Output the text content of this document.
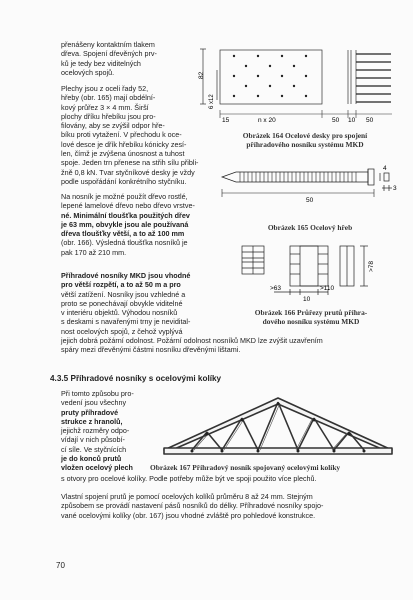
přenášeny kontaktním tlakem
dřeva. Spojení dřevěných prv-
ků je tedy bez viditelných
ocelových spojů.
Plechy jsou z oceli řady 52,
hřeby (obr. 165) mají obdélní-
kový průřez 3 × 4 mm. Širší
plochy dříku hřebíku jsou pro-
filovány, aby se zvýšil odpor hře-
bíku proti vytažení. V přechodu k oce-
lové desce je dřík hřebíku kónicky zesí-
len, čímž je zvýšena únosnost a tuhost
spoje. Jeden trn přenese na střih sílu přibli-
žně 0,8 kN. Tvar styčníkové desky je vždy
podle uspořádání konkrétního styčníku.
Na nosník je možné použít dřevo rostlé,
lepené lamelové dřevo nebo dřevo vrstve-
né. Minimální tloušťka použitých dřev
je 63 mm, obvykle jsou ale používaná
dřeva tloušťky větší, a to až 100 mm
(obr. 166). Výsledná tloušťka nosníků je
pak 170 až 210 mm.
Příhradové nosníky MKD jsou vhodné
pro větší rozpětí, a to až 50 m a pro
větší zatížení. Nosníky jsou vzhledné a
proto se ponechávají obvykle viditelné
v interiéru objektů. Výhodou nosníků
s deskami s navařenými trny je nevidital-
nost ocelových spojů, z čehož vyplývá
jejich dobrá požární odolnost. Požární odolnost nosníků MKD lze zvýšit uzavřením
spáry mezi dřevěnými částmi nosníku dřevěnými lištami.
4.3.5 Příhradové nosníky s ocelovými kolíky
Při tomto způsobu pro-
vedení jsou všechny
pruty příhradové
strukce z hranolů,
jejichž rozměry odpo-
vídají v nich působí-
cí síle. Ve styčnících
je do konců prutů
vložen ocelový plech
s otvory pro ocelové kolíky. Podle potřeby může být ve spoji použito více plechů.
Vlastní spojení prutů je pomocí ocelových kolíků průměru 8 až 24 mm. Stejným
způsobem se provádí nastavení pásů nosníků do délky. Příhradové nosníky spojo-
vané ocelovými kolíky (obr. 167) jsou vhodné zvláště pro pohledové konstrukce.
70
82
6 x12
15	n x 20	50 10 50
Obrázek 164 Ocelové desky pro spojení
příhradového nosníku systému MKD
50
4
3
Obrázek 165 Ocelový hřeb
>78
>63	>110
10
Obrázek 166 Průřezy prutů příhra-
dového nosníku systému MKD
Obrázek 167 Příhradový nosník spojovaný ocelovými kolíky
